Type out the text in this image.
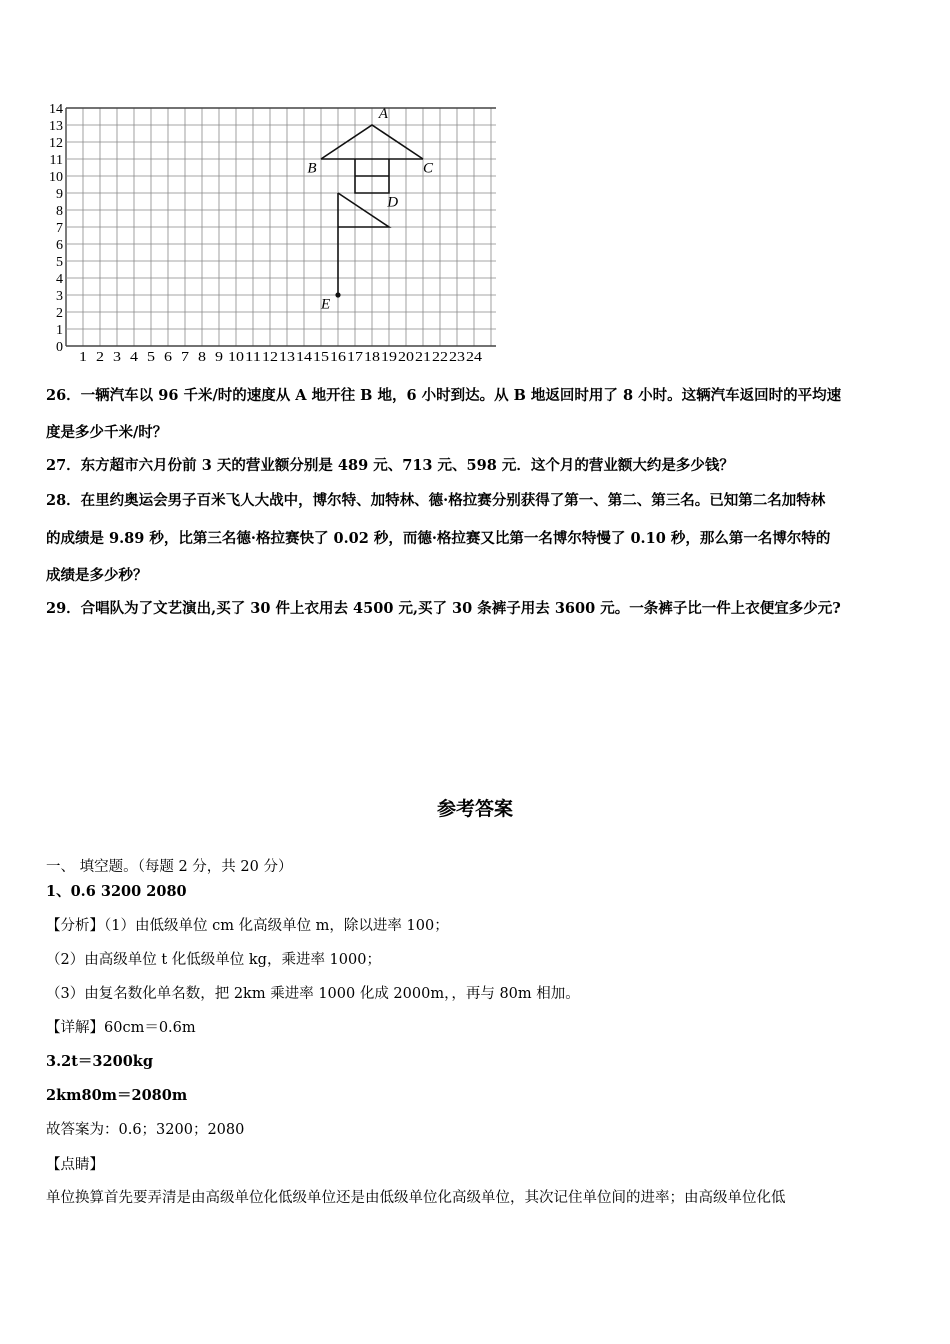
0
1
2
3
4
5
6
7
8
9
10
11
12
13
14
1 2 3 4 5 6 7 8 9 10 11 12 13 14 15 16 17 18 19 20 21 22 23 24
A
B	C
D
E
26．一辆汽车以 96 千米/时的速度从 A 地开往 B 地，6 小时到达。从 B 地返回时用了 8 小时。这辆汽车返回时的平均速
度是多少千米/时？
27．东方超市六月份前 3 天的营业额分别是 489 元、713 元、598 元．这个月的营业额大约是多少钱？
28．在里约奥运会男子百米飞人大战中，博尔特、加特林、德·格拉赛分别获得了第一、第二、第三名。已知第二名加特林
的成绩是 9.89 秒，比第三名德·格拉赛快了 0.02 秒，而德·格拉赛又比第一名博尔特慢了 0.10 秒，那么第一名博尔特的
成绩是多少秒？
29．合唱队为了文艺演出,买了 30 件上衣用去 4500 元,买了 30 条裤子用去 3600 元。一条裤子比一件上衣便宜多少元?
参考答案
一、 填空题。（每题 2 分，共 20 分）
1、0.6 3200 2080
【分析】（1）由低级单位 cm 化高级单位 m，除以进率 100；
（2）由高级单位 t 化低级单位 kg，乘进率 1000；
（3）由复名数化单名数，把 2km 乘进率 1000 化成 2000m，，再与 80m 相加。
【详解】60cm＝0.6m
3.2t＝3200kg
2km80m＝2080m
故答案为：0.6；3200；2080
【点睛】
单位换算首先要弄清是由高级单位化低级单位还是由低级单位化高级单位，其次记住单位间的进率；由高级单位化低
